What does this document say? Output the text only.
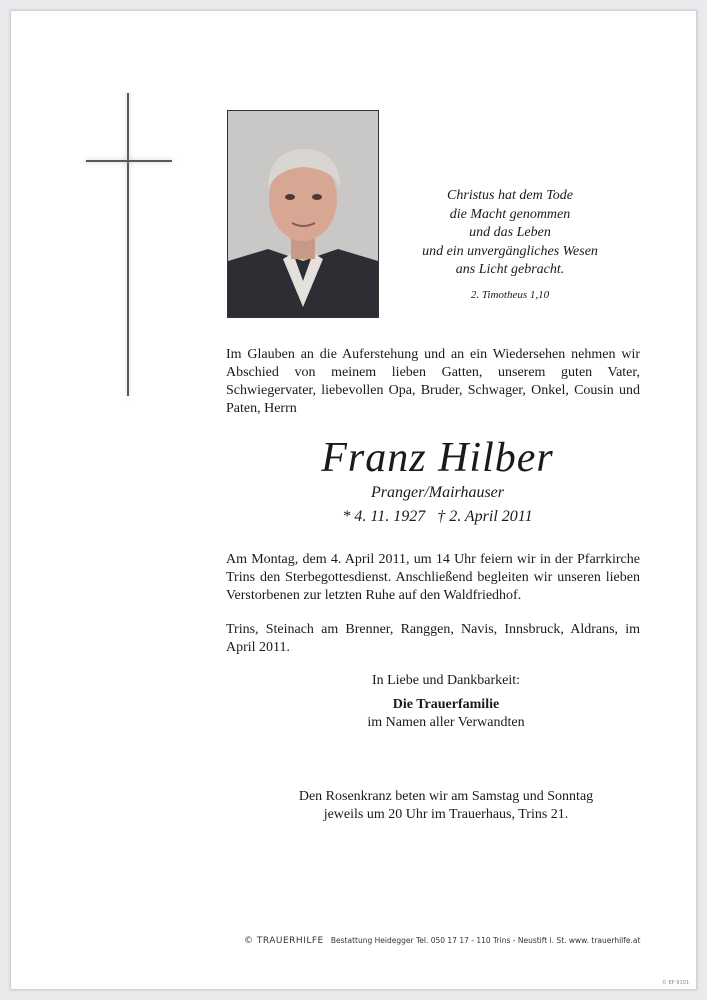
Christus hat dem Tode
die Macht genommen
und das Leben
und ein unvergängliches Wesen
ans Licht gebracht.
2. Timotheus 1,10
Im Glauben an die Auferstehung und an ein Wiedersehen nehmen wir Abschied von meinem lieben Gatten, unserem guten Vater, Schwiegervater, liebevollen Opa, Bruder, Schwager, Onkel, Cousin und Paten, Herrn
Franz Hilber
Pranger/Mairhauser
* 4. 11. 1927 † 2. April 2011
Am Montag, dem 4. April 2011, um 14 Uhr feiern wir in der Pfarrkirche Trins den Sterbegottesdienst. Anschließend begleiten wir unseren lieben Verstorbenen zur letzten Ruhe auf den Waldfriedhof.
Trins, Steinach am Brenner, Ranggen, Navis, Innsbruck, Aldrans, im April 2011.
In Liebe und Dankbarkeit:
Die Trauerfamilie
im Namen aller Verwandten
Den Rosenkranz beten wir am Samstag und Sonntag
jeweils um 20 Uhr im Trauerhaus, Trins 21.
© TRAUERHILFE Bestattung Heidegger Tel. 050 17 17 - 110 Trins - Neustift i. St. www. trauerhilfe.at
© EP 9101
